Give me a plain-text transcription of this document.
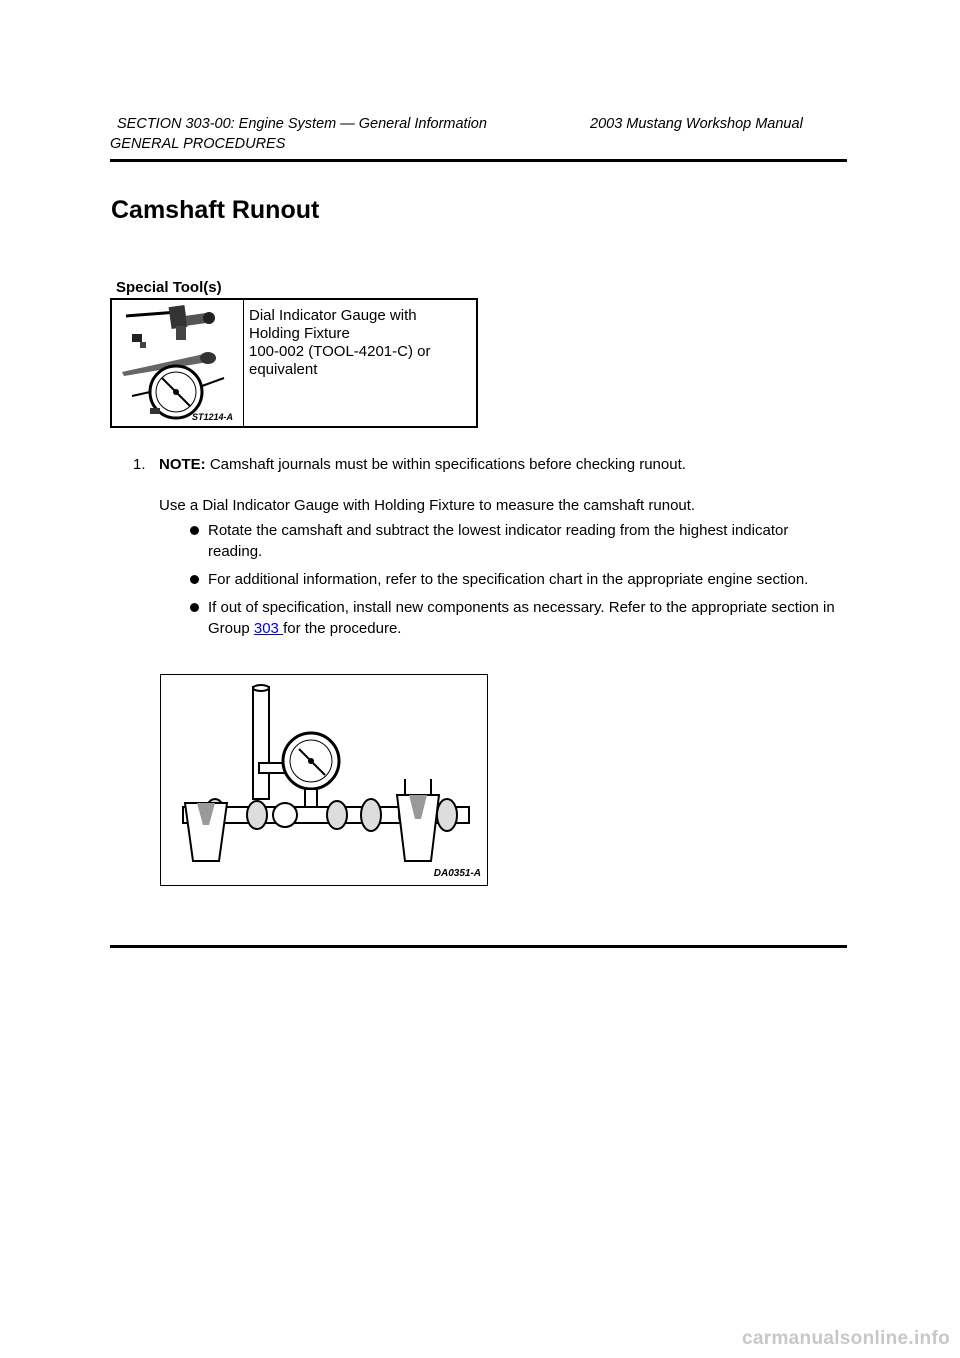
SECTION 303-00: Engine System — General Information	2003 Mustang Workshop Manual
GENERAL PROCEDURES
Camshaft Runout
Special Tool(s)
ST1214-A
Dial Indicator Gauge with
Holding Fixture
100-002 (TOOL-4201-C) or
equivalent
1. NOTE: Camshaft journals must be within specifications before checking runout.
Use a Dial Indicator Gauge with Holding Fixture to measure the camshaft runout.
Rotate the camshaft and subtract the lowest indicator reading from the highest indicator reading.
For additional information, refer to the specification chart in the appropriate engine section.
If out of specification, install new components as necessary. Refer to the appropriate section in Group 303 for the procedure.
DA0351-A
carmanualsonline.info
